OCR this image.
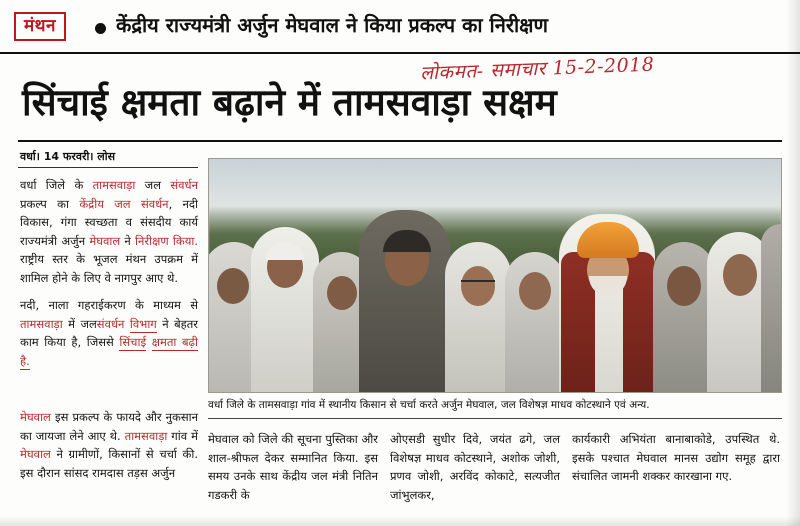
मंथन	केंद्रीय राज्यमंत्री अर्जुन मेघवाल ने किया प्रकल्प का निरीक्षण
लोकमत- समाचार 15-2-2018
सिंचाई क्षमता बढ़ाने में तामसवाड़ा सक्षम
वर्धा। 14 फरवरी। लोस

वर्धा जिले के तामसवाड़ा जल संवर्धन प्रकल्प का केंद्रीय जल संवर्धन, नदी विकास, गंगा स्वच्छता व संसदीय कार्य राज्यमंत्री अर्जुन मेघवाल ने निरीक्षण किया. राष्ट्रीय स्तर के भूजल मंथन उपक्रम में शामिल होने के लिए वे नागपुर आए थे.

नदी, नाला गहराईकरण के माध्यम से तामसवाड़ा में जलसंवर्धन विभाग ने बेहतर काम किया है, जिससे सिंचाई क्षमता बढ़ी है.

मेघवाल इस प्रकल्प के फायदे और नुकसान का जायजा लेने आए थे. तामसवाड़ा गांव में मेघवाल ने ग्रामीणों, किसानों से चर्चा की. इस दौरान सांसद रामदास तड़स अर्जुन

वर्धा जिले के तामसवाड़ा गांव में स्थानीय किसान से चर्चा करते अर्जुन मेघवाल, जल विशेषज्ञ माधव कोटस्थाने एवं अन्य.

मेघवाल को जिले की सूचना पुस्तिका और शाल-श्रीफल देकर सम्मानित किया. इस समय उनके साथ केंद्रीय जल मंत्री नितिन गडकरी के

ओएसडी सुधीर दिवे, जयंत ढगे, जल विशेषज्ञ माधव कोटस्थाने, अशोक जोशी, प्रणव जोशी, अरविंद कोकाटे, सत्यजीत जांभुलकर,

कार्यकारी अभियंता बानाबाकोडे, उपस्थित थे. इसके पश्चात मेघवाल मानस उद्योग समूह द्वारा संचालित जामनी शक्कर कारखाना गए.
